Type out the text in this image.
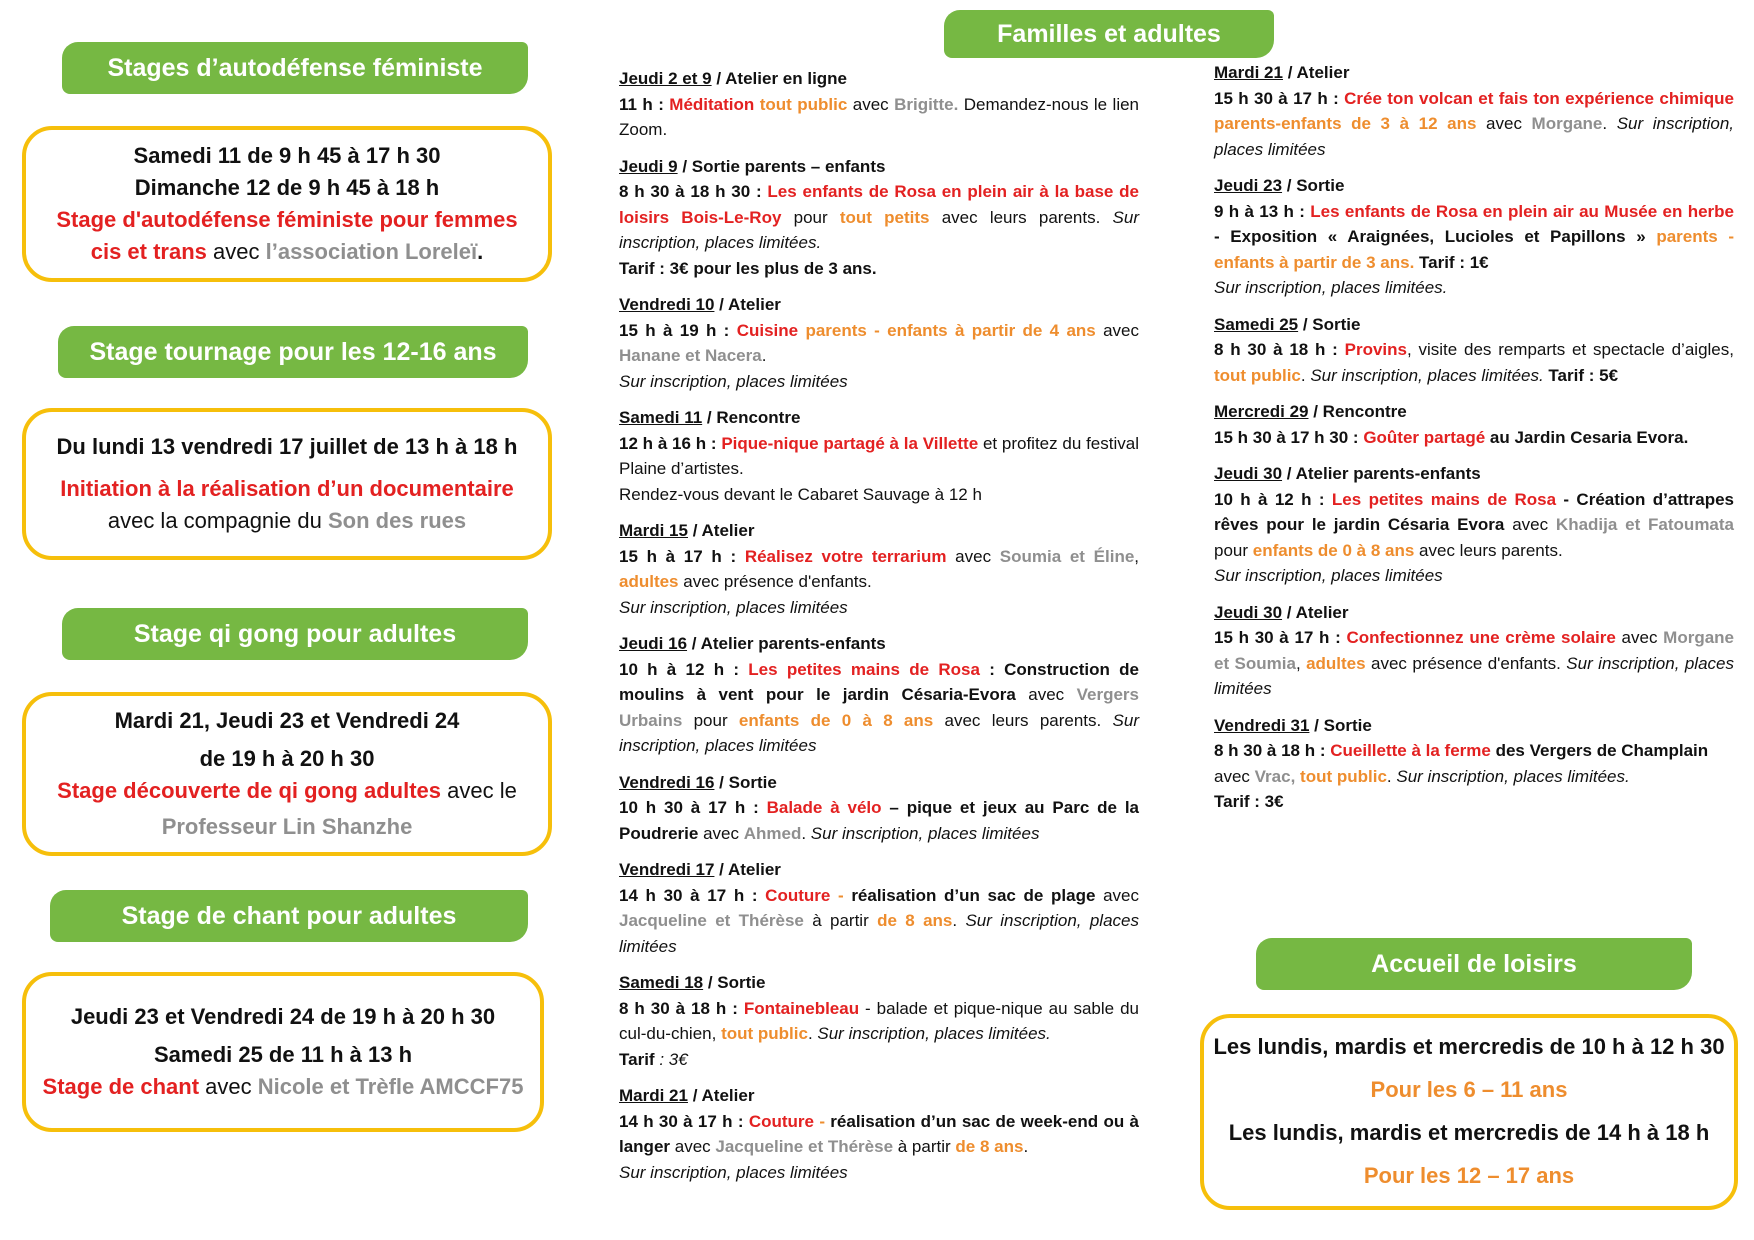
Stages d’autodéfense féministe
Samedi 11 de 9 h 45 à 17 h 30
Dimanche 12 de 9 h 45 à 18 h
Stage d'autodéfense féministe pour femmes
cis et trans avec l’association Loreleï.
Stage tournage pour les 12-16 ans
Du lundi 13 vendredi 17 juillet de 13 h à 18 h
Initiation à la réalisation d’un documentaire
avec la compagnie du Son des rues
Stage qi gong pour adultes
Mardi 21, Jeudi 23 et Vendredi 24
de 19 h à 20 h 30
Stage découverte de qi gong adultes avec le
Professeur Lin Shanzhe
Stage de chant pour adultes
Jeudi 23 et Vendredi 24 de 19 h à 20 h 30
Samedi 25 de 11 h à 13 h
Stage de chant avec Nicole et Trèfle AMCCF75
Familles et adultes
Jeudi 2 et 9 / Atelier en ligne

11 h : Méditation tout public avec Brigitte. Demandez-nous le lien Zoom.

Jeudi 9 / Sortie parents – enfants

8 h 30 à 18 h 30 : Les enfants de Rosa en plein air à la base de loisirs Bois-Le-Roy pour tout petits avec leurs parents. Sur inscription, places limitées.
Tarif : 3€ pour les plus de 3 ans.

Vendredi 10 / Atelier

15 h à 19 h : Cuisine parents - enfants à partir de 4 ans avec Hanane et Nacera.
Sur inscription, places limitées

Samedi 11 / Rencontre

12 h à 16 h : Pique-nique partagé à la Villette et profitez du festival Plaine d’artistes.
Rendez-vous devant le Cabaret Sauvage à 12 h

Mardi 15 / Atelier

15 h à 17 h : Réalisez votre terrarium avec Soumia et Éline, adultes avec présence d'enfants.
Sur inscription, places limitées

Jeudi 16 / Atelier parents-enfants

10 h à 12 h : Les petites mains de Rosa : Construction de moulins à vent pour le jardin Césaria-Evora avec Vergers Urbains pour enfants de 0 à 8 ans avec leurs parents. Sur inscription, places limitées

Vendredi 16 / Sortie

10 h 30 à 17 h : Balade à vélo – pique et jeux au Parc de la Poudrerie avec Ahmed. Sur inscription, places limitées

Vendredi 17 / Atelier

14 h 30 à 17 h : Couture - réalisation d’un sac de plage avec Jacqueline et Thérèse à partir de 8 ans. Sur inscription, places limitées

Samedi 18 / Sortie

8 h 30 à 18 h : Fontainebleau - balade et pique-nique au sable du cul-du-chien, tout public. Sur inscription, places limitées.
Tarif : 3€

Mardi 21 / Atelier

14 h 30 à 17 h : Couture - réalisation d’un sac de week-end ou à langer avec Jacqueline et Thérèse à partir de 8 ans.
Sur inscription, places limitées

Mardi 21 / Atelier

15 h 30 à 17 h : Crée ton volcan et fais ton expérience chimique parents-enfants de 3 à 12 ans avec Morgane. Sur inscription, places limitées

Jeudi 23 / Sortie

9 h à 13 h : Les enfants de Rosa en plein air au Musée en herbe - Exposition « Araignées, Lucioles et Papillons » parents - enfants à partir de 3 ans. Tarif : 1€
Sur inscription, places limitées.

Samedi 25 / Sortie

8 h 30 à 18 h : Provins, visite des remparts et spectacle d’aigles, tout public. Sur inscription, places limitées. Tarif : 5€

Mercredi 29 / Rencontre

15 h 30 à 17 h 30 : Goûter partagé au Jardin Cesaria Evora.

Jeudi 30 / Atelier parents-enfants

10 h à 12 h : Les petites mains de Rosa - Création d’attrapes rêves pour le jardin Césaria Evora avec Khadija et Fatoumata pour enfants de 0 à 8 ans avec leurs parents.
Sur inscription, places limitées

Jeudi 30 / Atelier

15 h 30 à 17 h : Confectionnez une crème solaire avec Morgane et Soumia, adultes avec présence d'enfants. Sur inscription, places limitées

Vendredi 31 / Sortie

8 h 30 à 18 h : Cueillette à la ferme des Vergers de Champlain
avec Vrac, tout public. Sur inscription, places limitées.
Tarif : 3€

Accueil de loisirs
Les lundis, mardis et mercredis de 10 h à 12 h 30
Pour les 6 – 11 ans
Les lundis, mardis et mercredis de 14 h à 18 h
Pour les 12 – 17 ans
